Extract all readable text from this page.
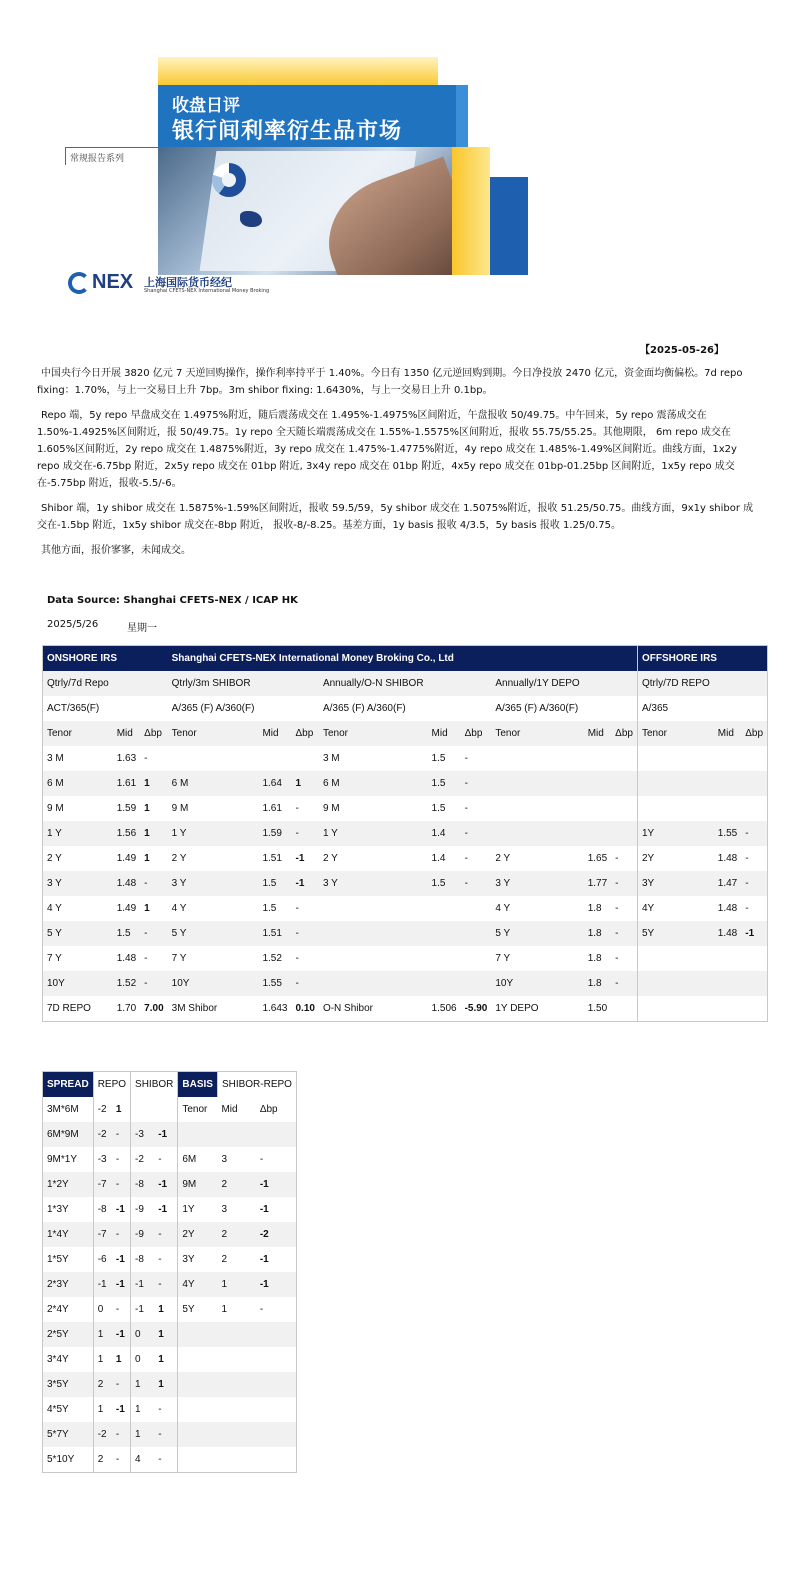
收盘日评
银行间利率衍生品市场
常规报告系列
NEX 上海国际货币经纪
Shanghai CFETS-NEX International Money Broking
【2025-05-26】

中国央行今日开展 3820 亿元 7 天逆回购操作，操作利率持平于 1.40%。今日有 1350 亿元逆回购到期。今日净投放 2470 亿元，资金面均衡偏松。7d repo fixing：1.70%，与上一交易日上升 7bp。3m shibor fixing: 1.6430%，与上一交易日上升 0.1bp。

Repo 端，5y repo 早盘成交在 1.4975%附近，随后震荡成交在 1.495%-1.4975%区间附近，午盘报收 50/49.75。中午回来，5y repo 震荡成交在 1.50%-1.4925%区间附近，报 50/49.75。1y repo 全天随长端震荡成交在 1.55%-1.5575%区间附近，报收 55.75/55.25。其他期限， 6m repo 成交在 1.605%区间附近，2y repo 成交在 1.4875%附近，3y repo 成交在 1.475%-1.4775%附近，4y repo 成交在 1.485%-1.49%区间附近。曲线方面，1x2y repo 成交在-6.75bp 附近，2x5y repo 成交在 01bp 附近, 3x4y repo 成交在 01bp 附近，4x5y repo 成交在 01bp-01.25bp 区间附近，1x5y repo 成交在-5.75bp 附近，报收-5.5/-6。

Shibor 端，1y shibor 成交在 1.5875%-1.59%区间附近，报收 59.5/59，5y shibor 成交在 1.5075%附近，报收 51.25/50.75。曲线方面，9x1y shibor 成交在-1.5bp 附近，1x5y shibor 成交在-8bp 附近， 报收-8/-8.25。基差方面，1y basis 报收 4/3.5，5y basis 报收 1.25/0.75。

其他方面，报价寥寥，未闻成交。

Data Source: Shanghai CFETS-NEX / ICAP HK
2025/5/26	星期一
ONSHORE IRS			Shanghai CFETS-NEX International Money Broking Co., Ltd									OFFSHORE IRS		
Qtrly/7d Repo			Qtrly/3m SHIBOR			Annually/O-N SHIBOR			Annually/1Y DEPO			Qtrly/7D REPO		
ACT/365(F)			A/365 (F) A/360(F)			A/365 (F) A/360(F)			A/365 (F) A/360(F)			A/365		
Tenor	Mid	Δbp	Tenor	Mid	Δbp	Tenor	Mid	Δbp	Tenor	Mid	Δbp	Tenor	Mid	Δbp
3 M	1.63	-				3 M	1.5	-						
6 M	1.61	1	6 M	1.64	1	6 M	1.5	-						
9 M	1.59	1	9 M	1.61	-	9 M	1.5	-						
1 Y	1.56	1	1 Y	1.59	-	1 Y	1.4	-				1Y	1.55	-
2 Y	1.49	1	2 Y	1.51	-1	2 Y	1.4	-	2 Y	1.65	-	2Y	1.48	-
3 Y	1.48	-	3 Y	1.5	-1	3 Y	1.5	-	3 Y	1.77	-	3Y	1.47	-
4 Y	1.49	1	4 Y	1.5	-				4 Y	1.8	-	4Y	1.48	-
5 Y	1.5	-	5 Y	1.51	-				5 Y	1.8	-	5Y	1.48	-1
7 Y	1.48	-	7 Y	1.52	-				7 Y	1.8	-			
10Y	1.52	-	10Y	1.55	-				10Y	1.8	-			
7D REPO	1.70	7.00	3M Shibor	1.643	0.10	O-N Shibor	1.506	-5.90	1Y DEPO	1.50				
SPREAD	REPO		SHIBOR		BASIS	SHIBOR-REPO	
3M*6M	-2	1			Tenor	Mid	Δbp
6M*9M	-2	-	-3	-1			
9M*1Y	-3	-	-2	-	6M	3	-
1*2Y	-7	-	-8	-1	9M	2	-1
1*3Y	-8	-1	-9	-1	1Y	3	-1
1*4Y	-7	-	-9	-	2Y	2	-2
1*5Y	-6	-1	-8	-	3Y	2	-1
2*3Y	-1	-1	-1	-	4Y	1	-1
2*4Y	0	-	-1	1	5Y	1	-
2*5Y	1	-1	0	1			
3*4Y	1	1	0	1			
3*5Y	2	-	1	1			
4*5Y	1	-1	1	-			
5*7Y	-2	-	1	-			
5*10Y	2	-	4	-			
